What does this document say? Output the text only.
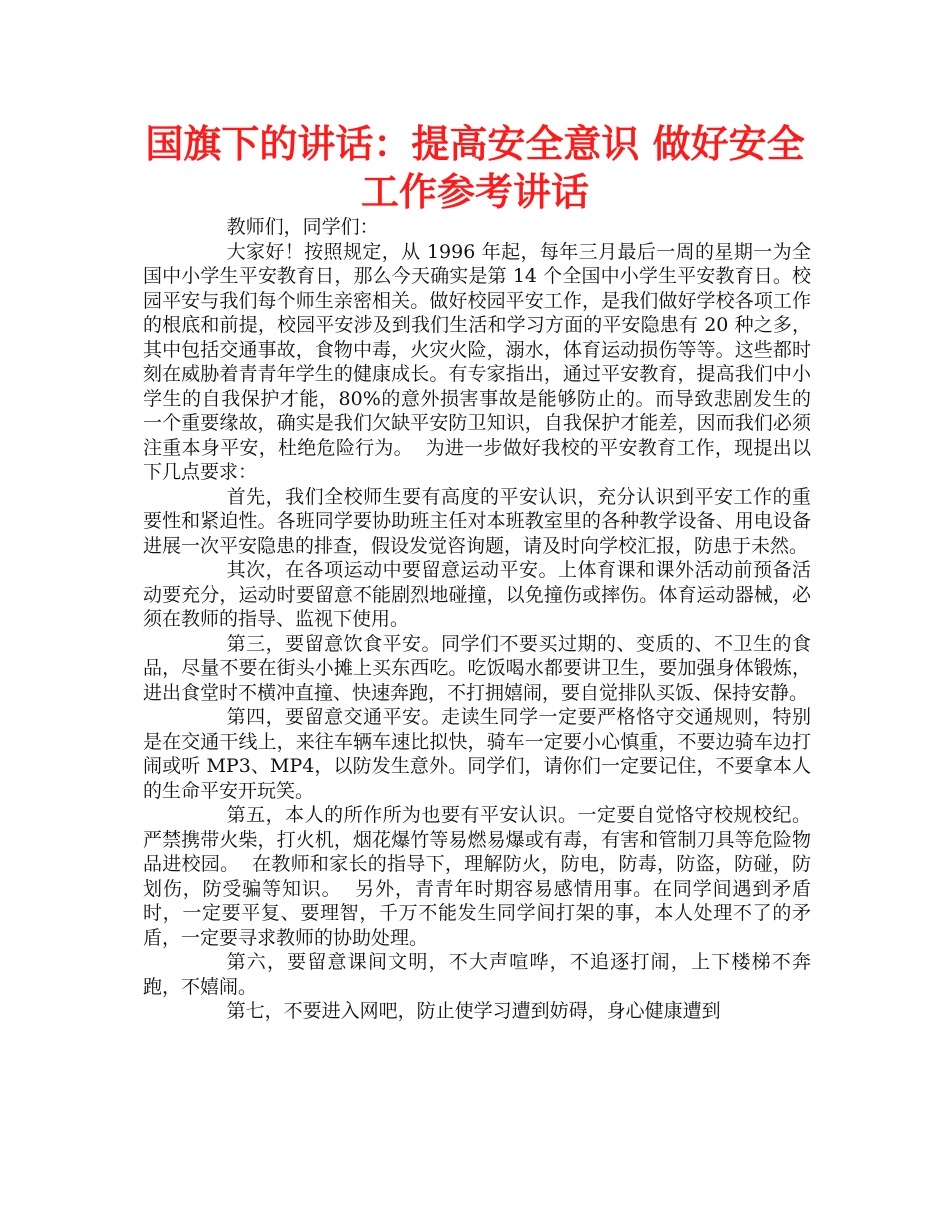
国旗下的讲话：提高安全意识 做好安全工作参考讲话

教师们，同学们：

大家好！按照规定，从 1996 年起，每年三月最后一周的星期一为全国中小学生平安教育日，那么今天确实是第 14 个全国中小学生平安教育日。校园平安与我们每个师生亲密相关。做好校园平安工作，是我们做好学校各项工作的根底和前提，校园平安涉及到我们生活和学习方面的平安隐患有 20 种之多，其中包括交通事故，食物中毒，火灾火险，溺水，体育运动损伤等等。这些都时刻在威胁着青青年学生的健康成长。有专家指出，通过平安教育，提高我们中小学生的自我保护才能，80%的意外损害事故是能够防止的。而导致悲剧发生的一个重要缘故，确实是我们欠缺平安防卫知识，自我保护才能差，因而我们必须注重本身平安，杜绝危险行为。  为进一步做好我校的平安教育工作，现提出以下几点要求：

首先，我们全校师生要有高度的平安认识，充分认识到平安工作的重要性和紧迫性。各班同学要协助班主任对本班教室里的各种教学设备、用电设备进展一次平安隐患的排查，假设发觉咨询题，请及时向学校汇报，防患于未然。

其次，在各项运动中要留意运动平安。上体育课和课外活动前预备活动要充分，运动时要留意不能剧烈地碰撞，以免撞伤或摔伤。体育运动器械，必须在教师的指导、监视下使用。

第三，要留意饮食平安。同学们不要买过期的、变质的、不卫生的食品，尽量不要在街头小摊上买东西吃。吃饭喝水都要讲卫生，要加强身体锻炼，进出食堂时不横冲直撞、快速奔跑，不打拥嬉闹，要自觉排队买饭、保持安静。

第四，要留意交通平安。走读生同学一定要严格恪守交通规则，特别是在交通干线上，来往车辆车速比拟快，骑车一定要小心慎重，不要边骑车边打闹或听 MP3、MP4，以防发生意外。同学们，请你们一定要记住，不要拿本人的生命平安开玩笑。

第五，本人的所作所为也要有平安认识。一定要自觉恪守校规校纪。严禁携带火柴，打火机，烟花爆竹等易燃易爆或有毒，有害和管制刀具等危险物品进校园。  在教师和家长的指导下，理解防火，防电，防毒，防盗，防碰，防划伤，防受骗等知识。  另外，青青年时期容易感情用事。在同学间遇到矛盾时，一定要平复、要理智，千万不能发生同学间打架的事，本人处理不了的矛盾，一定要寻求教师的协助处理。

第六，要留意课间文明，不大声喧哗，不追逐打闹，上下楼梯不奔跑，不嬉闹。

第七，不要进入网吧，防止使学习遭到妨碍，身心健康遭到
